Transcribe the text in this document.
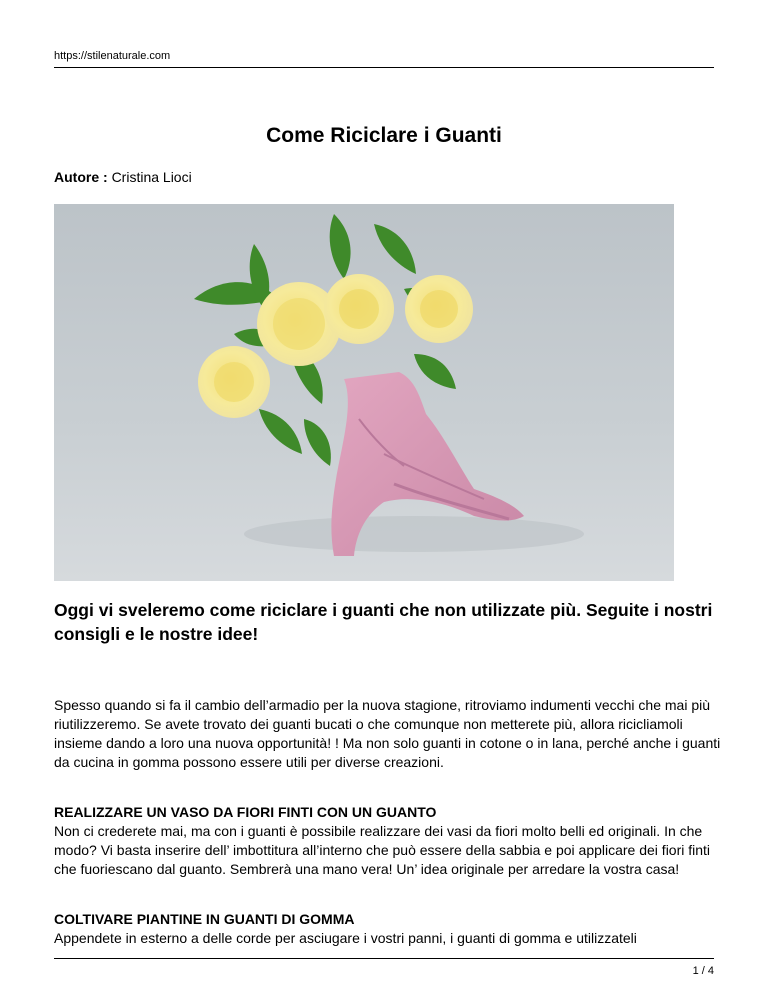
https://stilenaturale.com
Come Riciclare i Guanti
Autore : Cristina Lioci
Oggi vi sveleremo come riciclare i guanti che non utilizzate più. Seguite i nostri consigli e le nostre idee!

Spesso quando si fa il cambio dell’armadio per la nuova stagione, ritroviamo indumenti vecchi che mai più riutilizzeremo. Se avete trovato dei guanti bucati o che comunque non metterete più, allora ricicliamoli insieme dando a loro una nuova opportunità! ! Ma non solo guanti in cotone o in lana, perché anche i guanti da cucina in gomma possono essere utili per diverse creazioni.

REALIZZARE UN VASO DA FIORI FINTI CON UN GUANTO

Non ci crederete mai, ma con i guanti è possibile realizzare dei vasi da fiori molto belli ed originali. In che modo? Vi basta inserire dell’ imbottitura all’interno che può essere della sabbia e poi applicare dei fiori finti che fuoriescano dal guanto. Sembrerà una mano vera! Un’ idea originale per arredare la vostra casa!

COLTIVARE PIANTINE IN GUANTI DI GOMMA

Appendete in esterno a delle corde per asciugare i vostri panni, i guanti di gomma e utilizzateli

1 / 4
